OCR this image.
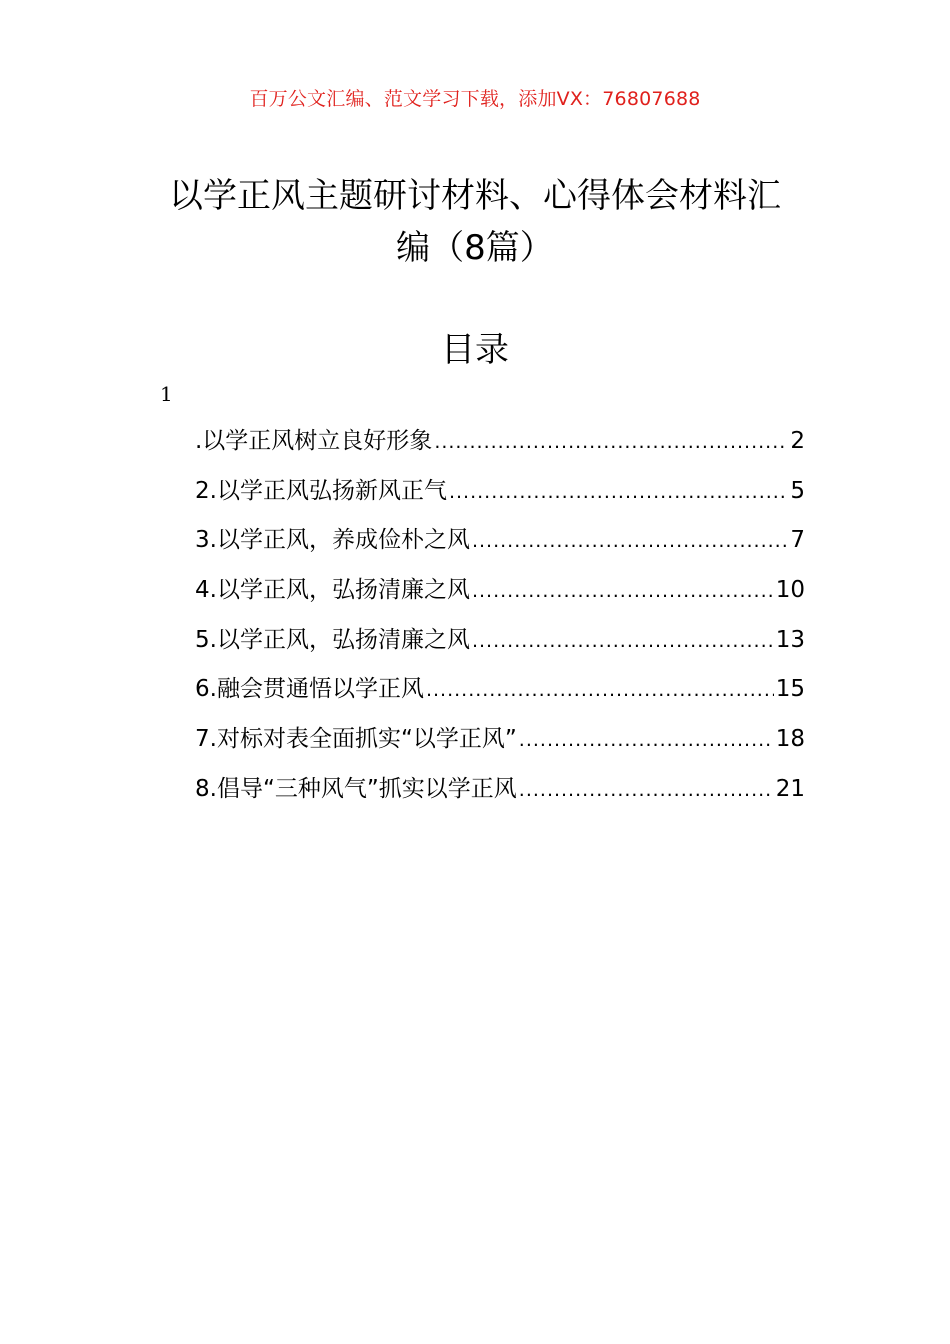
百万公文汇编、范文学习下载，添加VX：76807688
以学正风主题研讨材料、心得体会材料汇
编（8篇）
目录
1
.以学正风树立良好形象 .....	2
2.以学正风弘扬新风正气 .....	5
3.以学正风，养成俭朴之风 .....	7
4.以学正风，弘扬清廉之风 .....	10
5.以学正风，弘扬清廉之风 .....	13
6.融会贯通悟以学正风 .....	15
7.对标对表全面抓实“以学正风” .....	18
8.倡导“三种风气”抓实以学正风 .....	21
